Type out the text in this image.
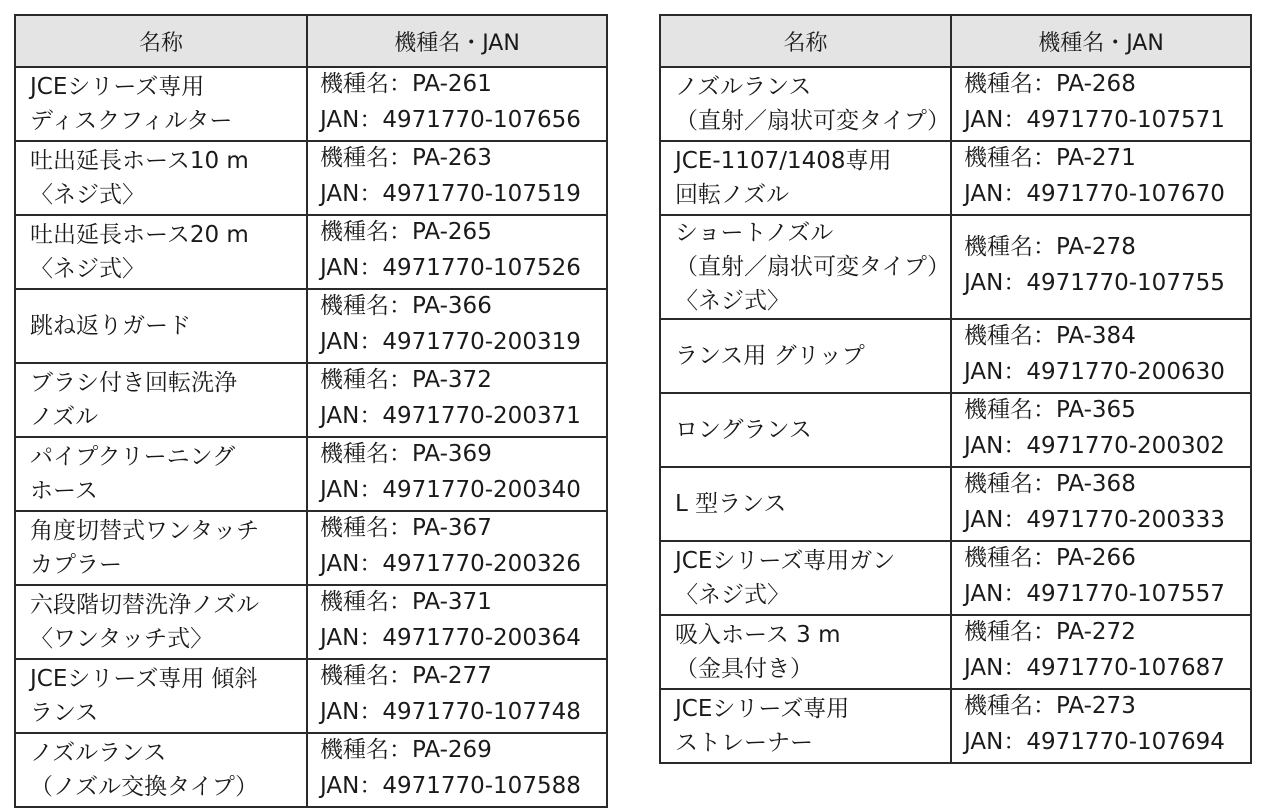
名称	機種名・JAN

JCEシリーズ専用
ディスクフィルター	機種名：PA-261
JAN：4971770-107656

吐出延長ホース10 m
〈ネジ式〉	機種名：PA-263
JAN：4971770-107519

吐出延長ホース20 m
〈ネジ式〉	機種名：PA-265
JAN：4971770-107526

跳ね返りガード	機種名：PA-366
JAN：4971770-200319

ブラシ付き回転洗浄
ノズル	機種名：PA-372
JAN：4971770-200371

パイプクリーニング
ホース	機種名：PA-369
JAN：4971770-200340

角度切替式ワンタッチ
カプラー	機種名：PA-367
JAN：4971770-200326

六段階切替洗浄ノズル
〈ワンタッチ式〉	機種名：PA-371
JAN：4971770-200364

JCEシリーズ専用 傾斜
ランス	機種名：PA-277
JAN：4971770-107748

ノズルランス
（ノズル交換タイプ）	機種名：PA-269
JAN：4971770-107588
名称	機種名・JAN

ノズルランス
（直射／扇状可変タイプ）	機種名：PA-268
JAN：4971770-107571

JCE-1107/1408専用
回転ノズル	機種名：PA-271
JAN：4971770-107670

ショートノズル
（直射／扇状可変タイプ）
〈ネジ式〉	機種名：PA-278
JAN：4971770-107755

ランス用 グリップ	機種名：PA-384
JAN：4971770-200630

ロングランス	機種名：PA-365
JAN：4971770-200302

L 型ランス	機種名：PA-368
JAN：4971770-200333

JCEシリーズ専用ガン
〈ネジ式〉	機種名：PA-266
JAN：4971770-107557

吸入ホース 3 m
（金具付き）	機種名：PA-272
JAN：4971770-107687

JCEシリーズ専用
ストレーナー	機種名：PA-273
JAN：4971770-107694
